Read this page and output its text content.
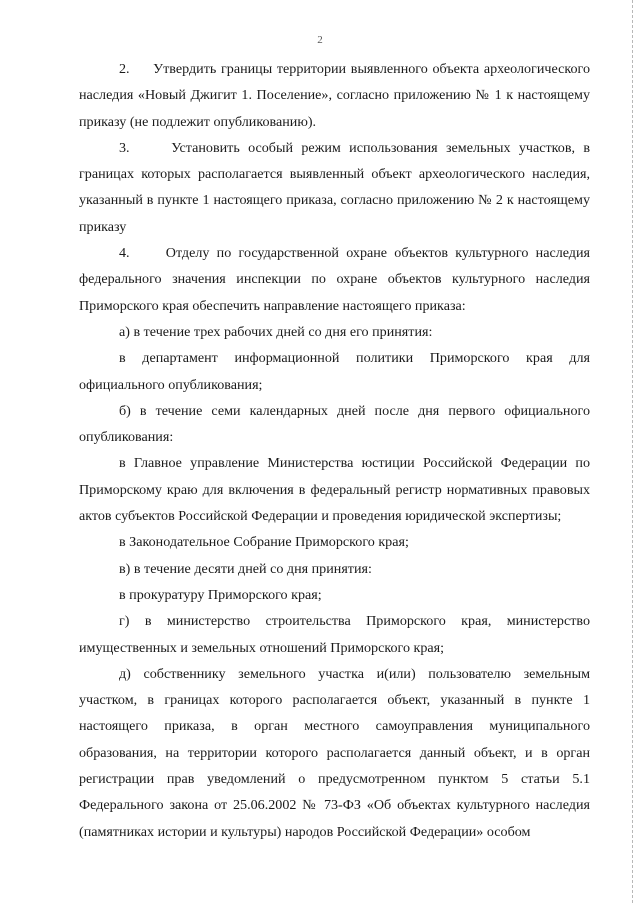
2

2.     Утвердить границы территории выявленного объекта археологического наследия «Новый Джигит 1. Поселение», согласно приложению № 1 к настоящему приказу (не подлежит опубликованию).

3.     Установить особый режим использования земельных участков, в границах которых располагается выявленный объект археологического наследия, указанный в пункте 1 настоящего приказа, согласно приложению № 2 к настоящему приказу

4.     Отделу по государственной охране объектов культурного наследия федерального значения инспекции по охране объектов культурного наследия Приморского края обеспечить направление настоящего приказа:

а) в течение трех рабочих дней со дня его принятия:

в департамент информационной политики Приморского края для официального опубликования;

б) в течение семи календарных дней после дня первого официального опубликования:

в Главное управление Министерства юстиции Российской Федерации по Приморскому краю для включения в федеральный регистр нормативных правовых актов субъектов Российской Федерации и проведения юридической экспертизы;

в Законодательное Собрание Приморского края;

в) в течение десяти дней со дня принятия:

в прокуратуру Приморского края;

г) в министерство строительства Приморского края, министерство имущественных и земельных отношений Приморского края;

д) собственнику земельного участка и(или) пользователю земельным участком, в границах которого располагается объект, указанный в пункте 1 настоящего приказа, в орган местного самоуправления муниципального образования, на территории которого располагается данный объект, и в орган регистрации прав уведомлений о предусмотренном пунктом 5 статьи 5.1 Федерального закона от 25.06.2002 № 73-ФЗ «Об объектах культурного наследия (памятниках истории и культуры) народов Российской Федерации» особом
